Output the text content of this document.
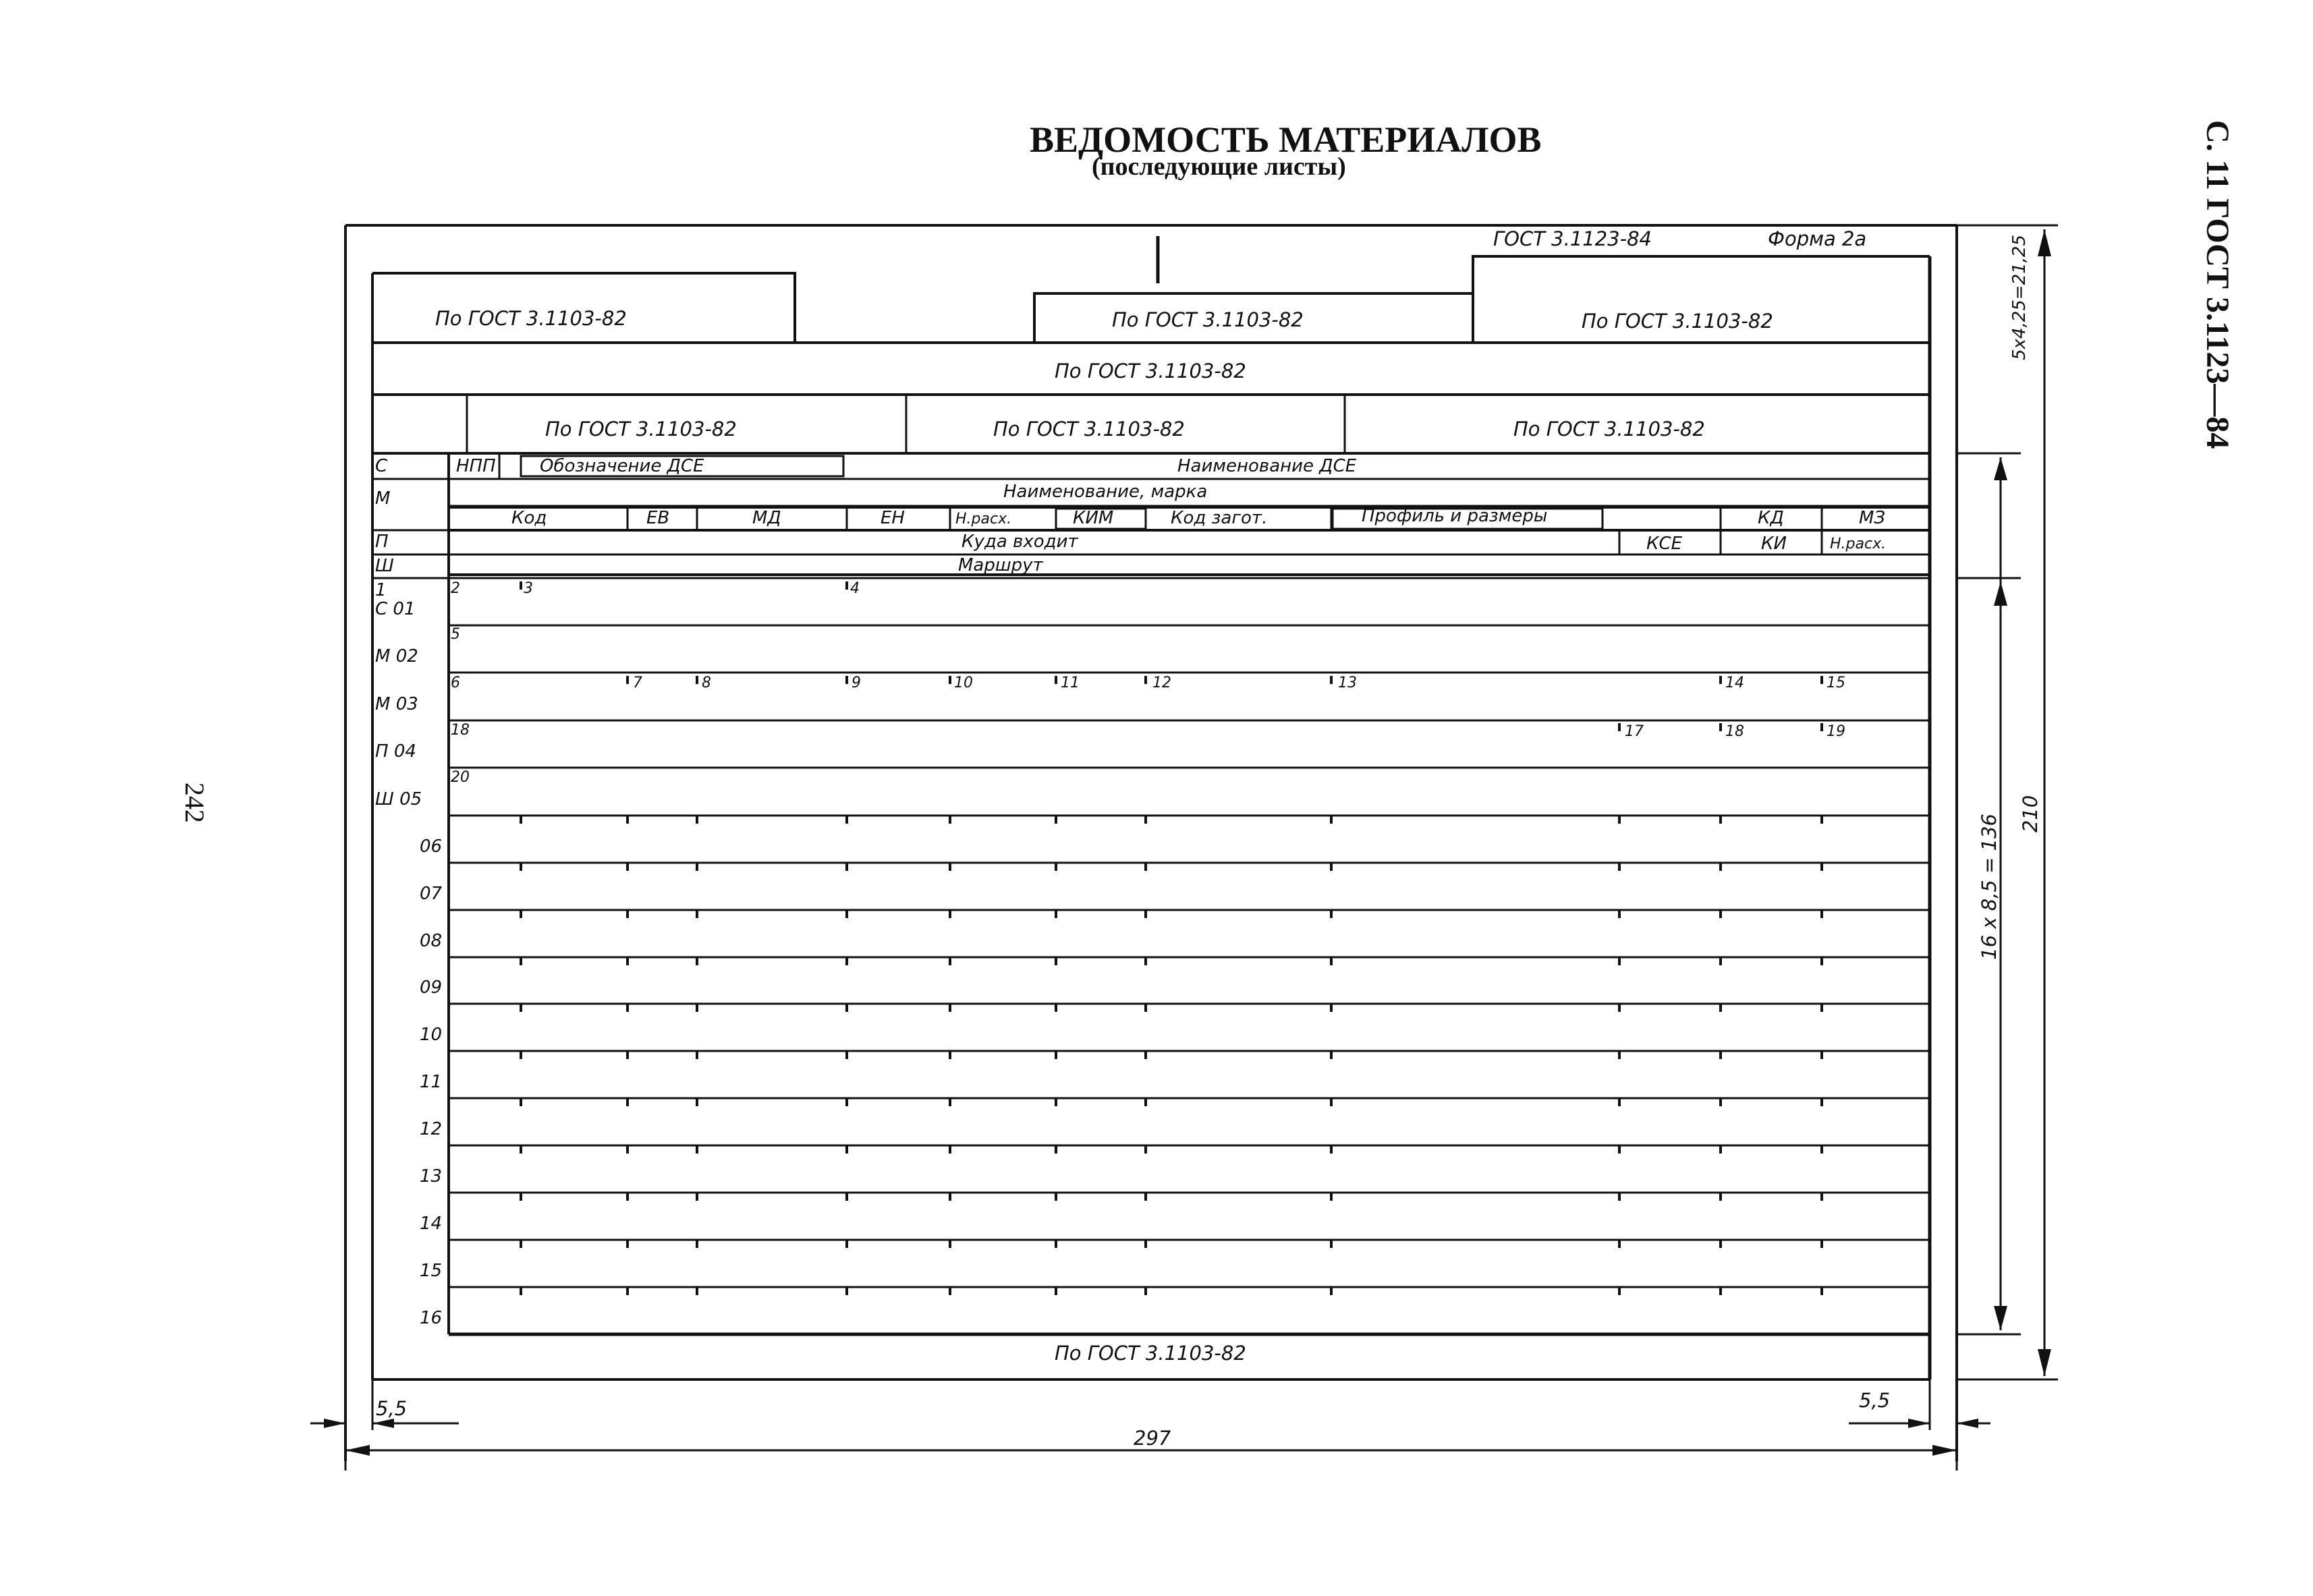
ВЕДОМОСТЬ МАТЕРИАЛОВ
(последующие листы)	С. 11 ГОСТ 3.1123—84
242
ГОСТ 3.1123-84	Форма 2а
По ГОСТ 3.1103-82	По ГОСТ 3.1103-82	По ГОСТ 3.1103-82
По ГОСТ 3.1103-82
По ГОСТ 3.1103-82	По ГОСТ 3.1103-82	По ГОСТ 3.1103-82
По ГОСТ 3.1103-82
С	НПП	Обозначение ДСЕ	Наименование ДСЕ
М	Наименование, марка
Код	ЕВ	МД	ЕН	Н.расх.	КИМ	Код загот.	Профиль и размеры	КД	МЗ
П	Куда входит	КСЕ	КИ	Н.расх.
Ш	Маршрут
1
С 01
М 02
М 03
П 04
Ш 05
06
07
08
09
10
11
12
13
14
15
16
2	3	4
5
6	7	8	9	10	11	12	13	14	15
18	17	18	19
20
5x4,25=21,25
16 x 8,5 = 136 210
297
5,5	5,5
